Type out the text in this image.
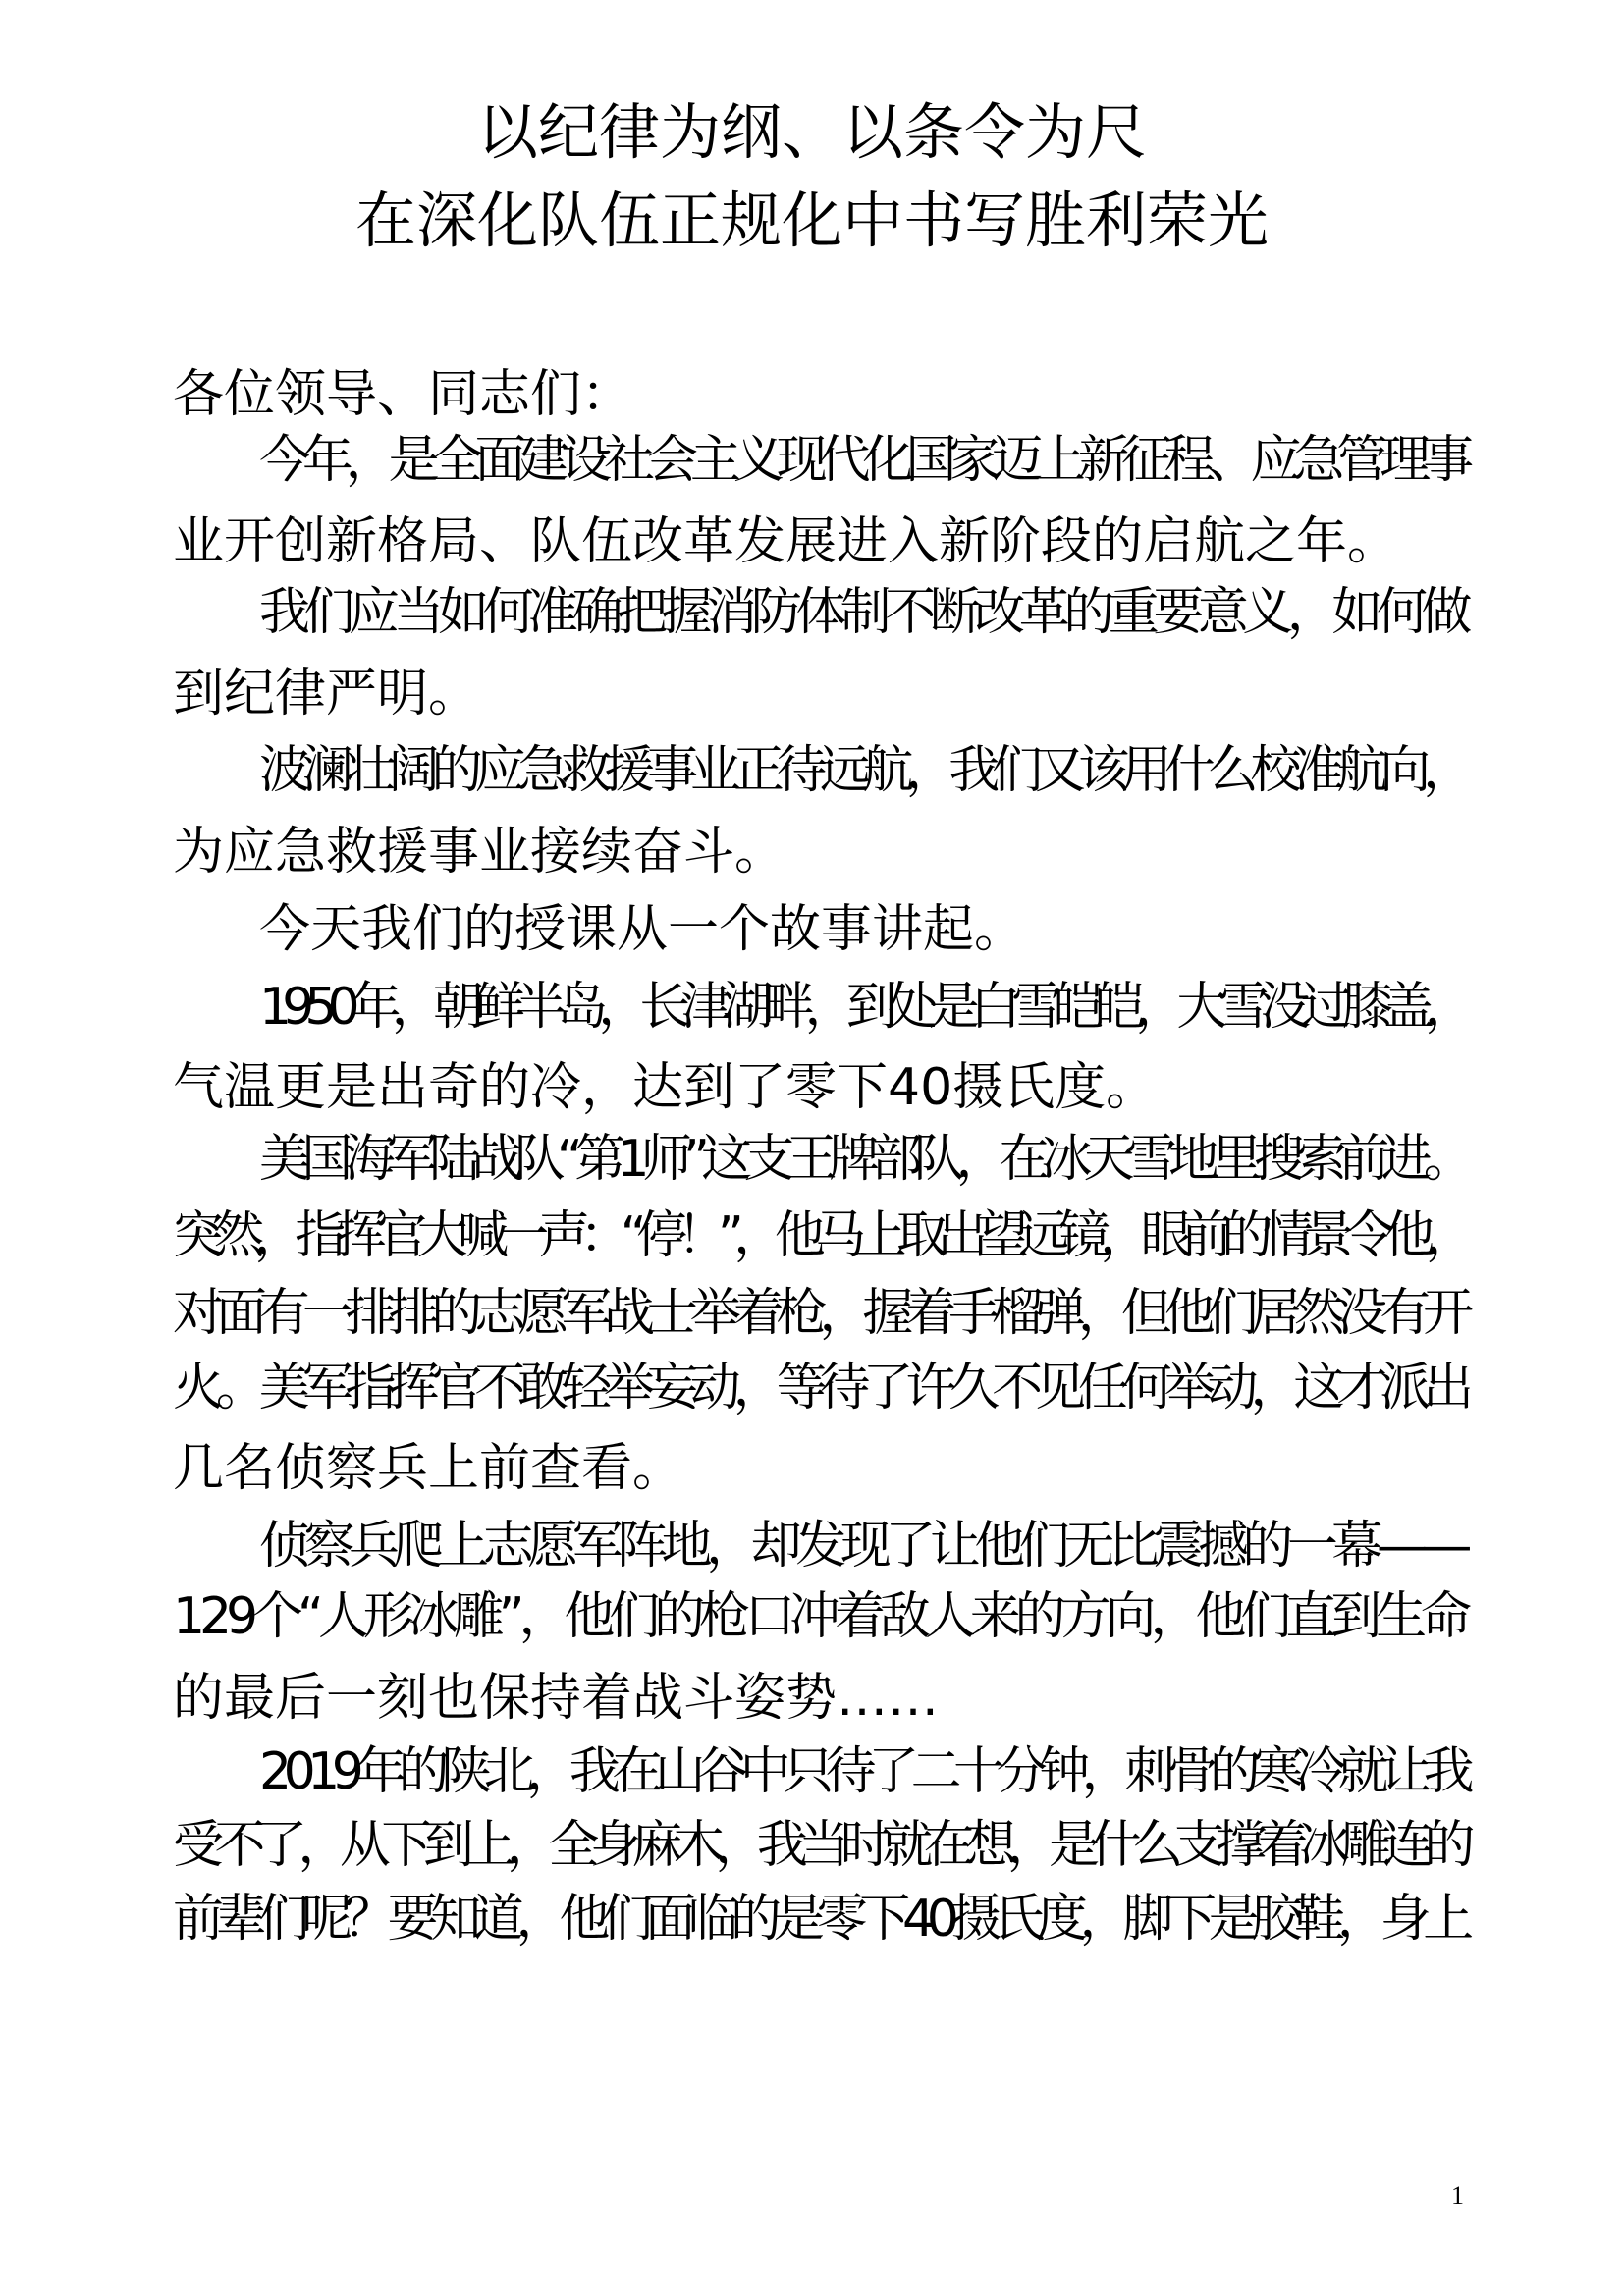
以纪律为纲、以条令为尺
在深化队伍正规化中书写胜利荣光
各位领导、同志们：
今年，是全面建设社会主义现代化国家迈上新征程、应急管理事
业开创新格局、队伍改革发展进入新阶段的启航之年。
我们应当如何准确把握消防体制不断改革的重要意义，如何做
到纪律严明。
波澜壮阔的应急救援事业正待远航，我们又该用什么校准航向，
为应急救援事业接续奋斗。
今天我们的授课从一个故事讲起。
1950年，朝鲜半岛，长津湖畔，到处是白雪皑皑，大雪没过膝盖，
气温更是出奇的冷，达到了零下40摄氏度。
美国海军陆战队“第1师”这支王牌部队，在冰天雪地里搜索前进。
突然，指挥官大喊一声：“停！”，他马上取出望远镜，眼前的情景令他，
对面有一排排的志愿军战士举着枪，握着手榴弹，但他们居然没有开
火。美军指挥官不敢轻举妄动，等待了许久不见任何举动，这才派出
几名侦察兵上前查看。
侦察兵爬上志愿军阵地，却发现了让他们无比震撼的一幕——
129个“人形冰雕”，他们的枪口冲着敌人来的方向，他们直到生命
的最后一刻也保持着战斗姿势……
2019年的陕北，我在山谷中只待了二十分钟，刺骨的寒冷就让我
受不了，从下到上，全身麻木，我当时就在想，是什么支撑着冰雕连的
前辈们呢？要知道，他们面临的是零下40摄氏度，脚下是胶鞋，身上
1
